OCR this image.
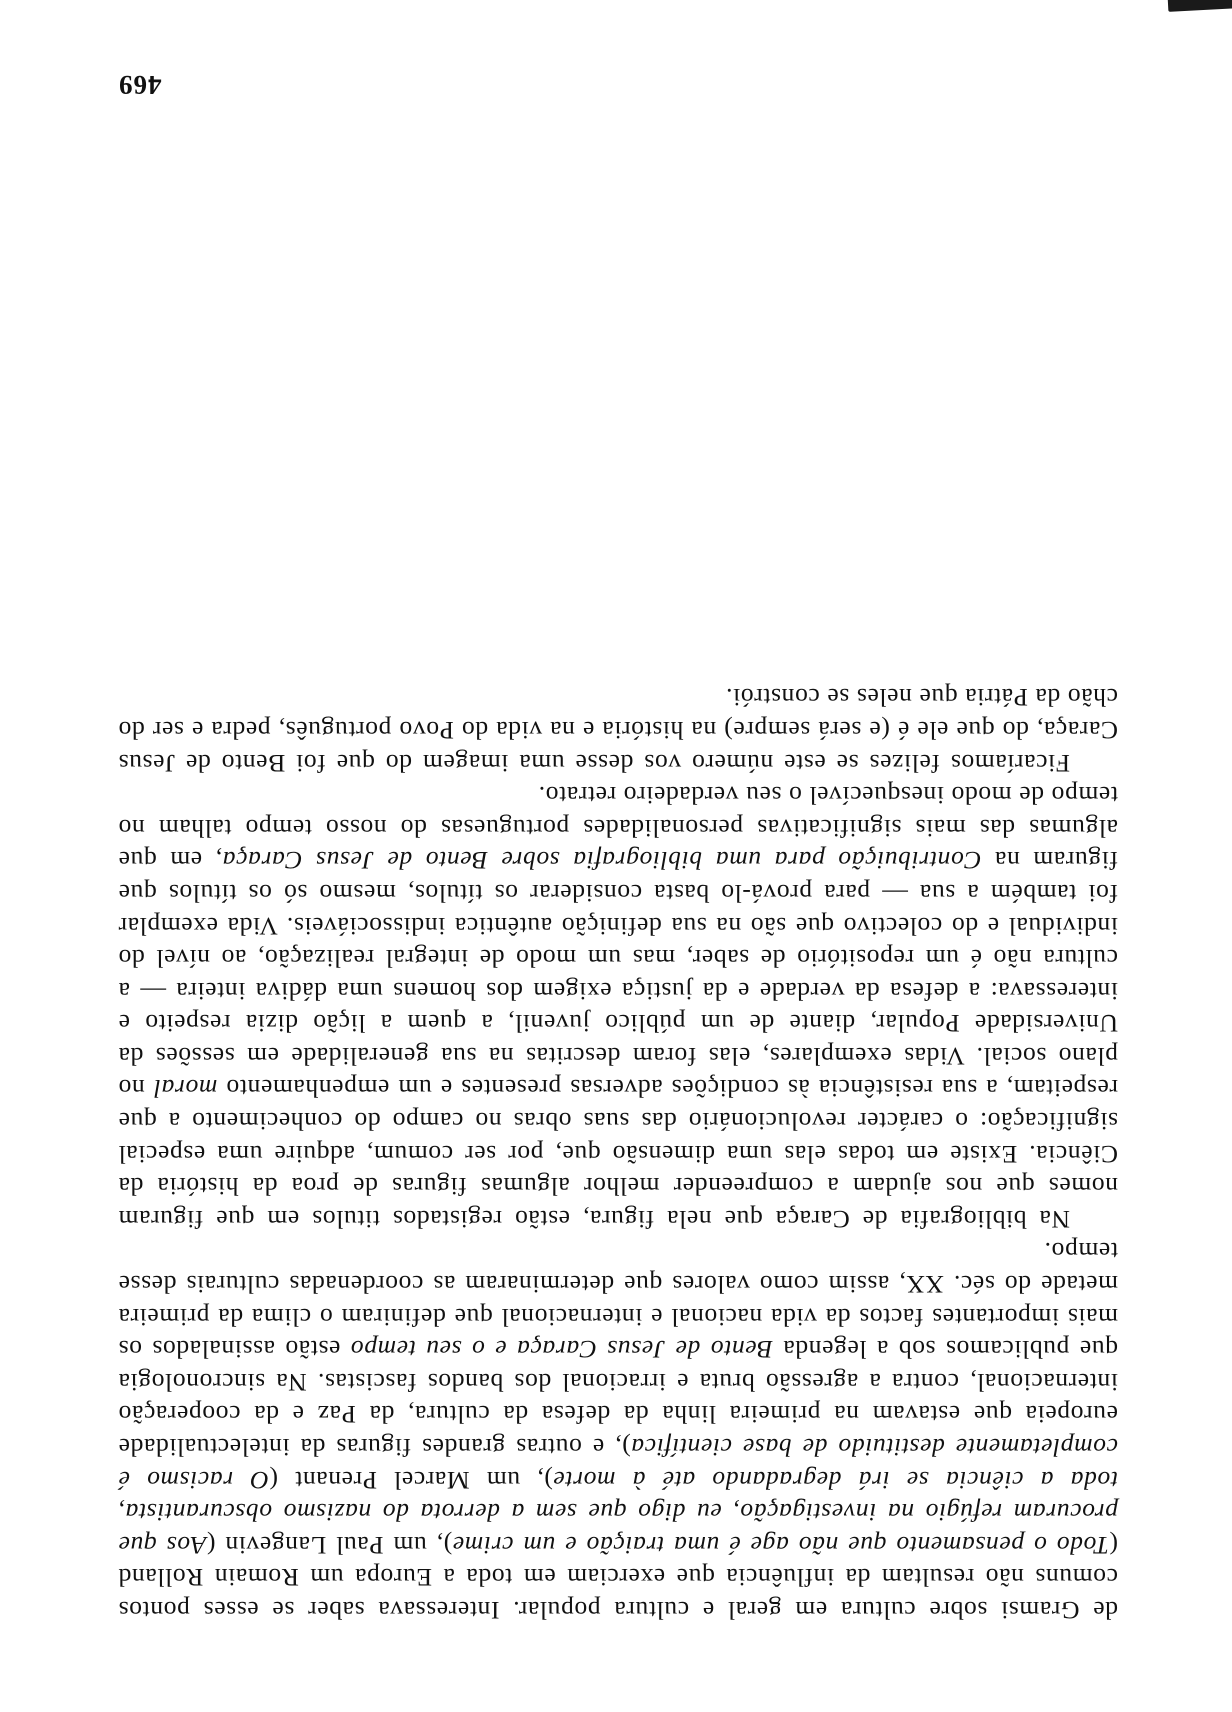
de Gramsi sobre cultura em geral e cultura popular. Interessava saber se esses pontos comuns não resultam da influência que exerciam em toda a Europa um Romain Rolland (Todo o pensamento que não age é uma traição e um crime), um Paul Langevin (Aos que procuram refúgio na investigação, eu digo que sem a derrota do nazismo obscurantista, toda a ciência se irá degradando até à morte), um Marcel Prenant (O racismo é completamente destituido de base científica), e outras grandes figuras da intelectualidade europeia que estavam na primeira linha da defesa da cultura, da Paz e da cooperação internacional, contra a agressão bruta e irracional dos bandos fascistas. Na sincronologia que publicamos sob a legenda Bento de Jesus Caraça e o seu tempo estão assinalados os mais importantes factos da vida nacional e internacional que definiram o clima da primeira metade do séc. XX, assim como valores que determinaram as coordenadas culturais desse tempo.

Na bibliografia de Caraça que nela figura, estão registados titulos em que figuram nomes que nos ajudam a compreender melhor algumas figuras de proa da história da Ciência. Existe em todas elas uma dimensão que, por ser comum, adquire uma especial significação: o carácter revolucionário das suas obras no campo do conhecimento a que respeitam, a sua resistência às condições adversas presentes e um empenhamento moral no plano social. Vidas exemplares, elas foram descritas na sua generalidade em sessões da Universidade Popular, diante de um público juvenil, a quem a lição dizia respeito e interessava: a defesa da verdade e da justiça exigem dos homens uma dádiva inteira — a cultura não é um repositório de saber, mas um modo de integral realização, ao nível do individual e do colectivo que são na sua definição autêntica indissociáveis. Vida exemplar foi também a sua — para prová-lo basta considerar os títulos, mesmo só os títulos que figuram na Contribuição para uma bibliografia sobre Bento de Jesus Caraça, em que algumas das mais significativas personalidades portuguesas do nosso tempo talham no tempo de modo inesquecível o seu verdadeiro retrato.

Ficaríamos felizes se este número vos desse uma imagem do que foi Bento de Jesus Caraça, do que ele é (e será sempre) na história e na vida do Povo português, pedra e ser do chão da Pátria que neles se constrói.

469
